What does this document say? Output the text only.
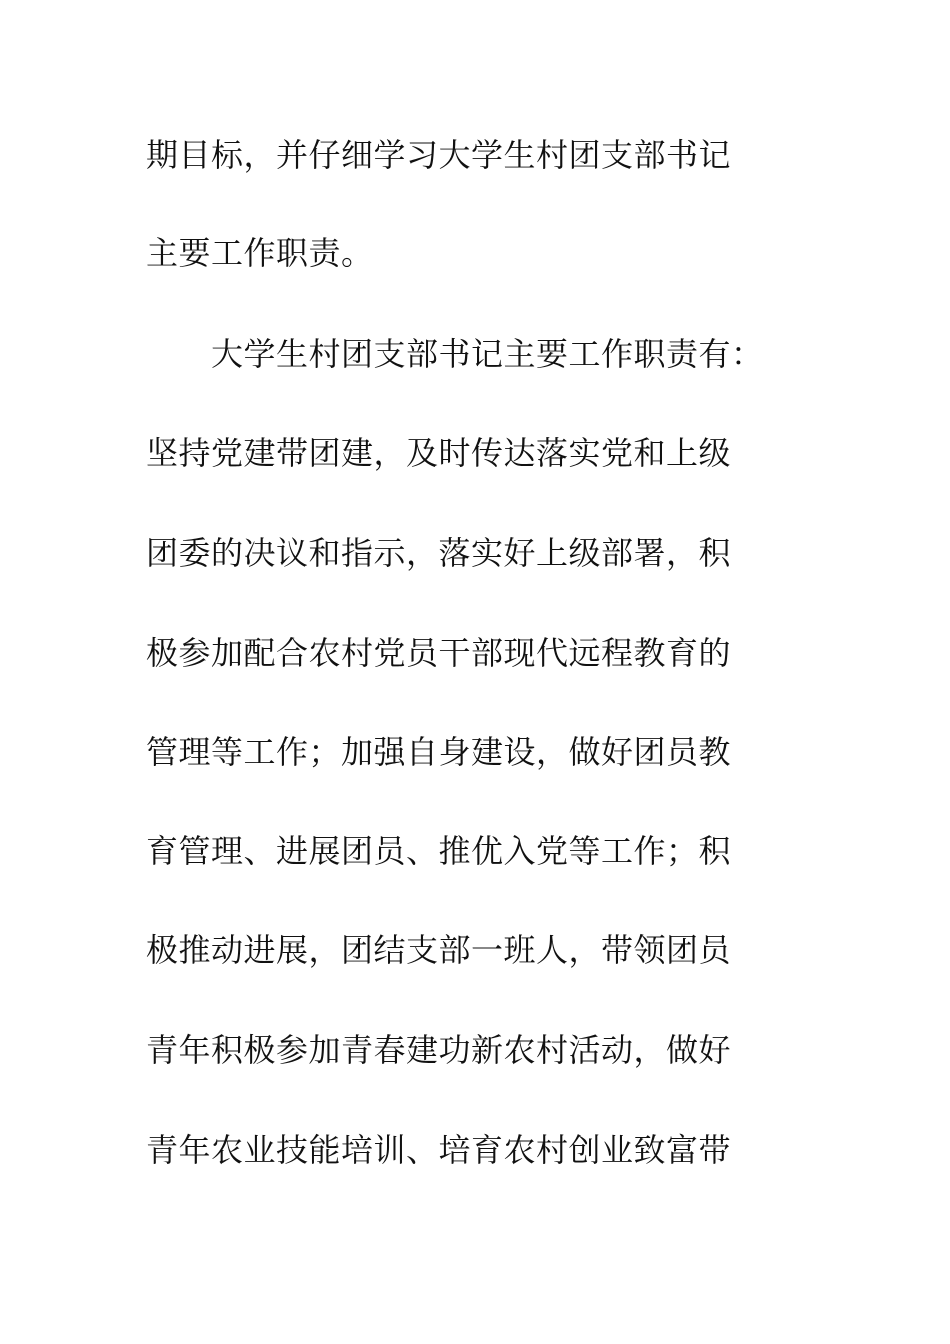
期目标，并仔细学习大学生村团支部书记
主要工作职责。
　　大学生村团支部书记主要工作职责有：
坚持党建带团建，及时传达落实党和上级
团委的决议和指示，落实好上级部署，积
极参加配合农村党员干部现代远程教育的
管理等工作；加强自身建设，做好团员教
育管理、进展团员、推优入党等工作；积
极推动进展，团结支部一班人，带领团员
青年积极参加青春建功新农村活动，做好
青年农业技能培训、培育农村创业致富带
